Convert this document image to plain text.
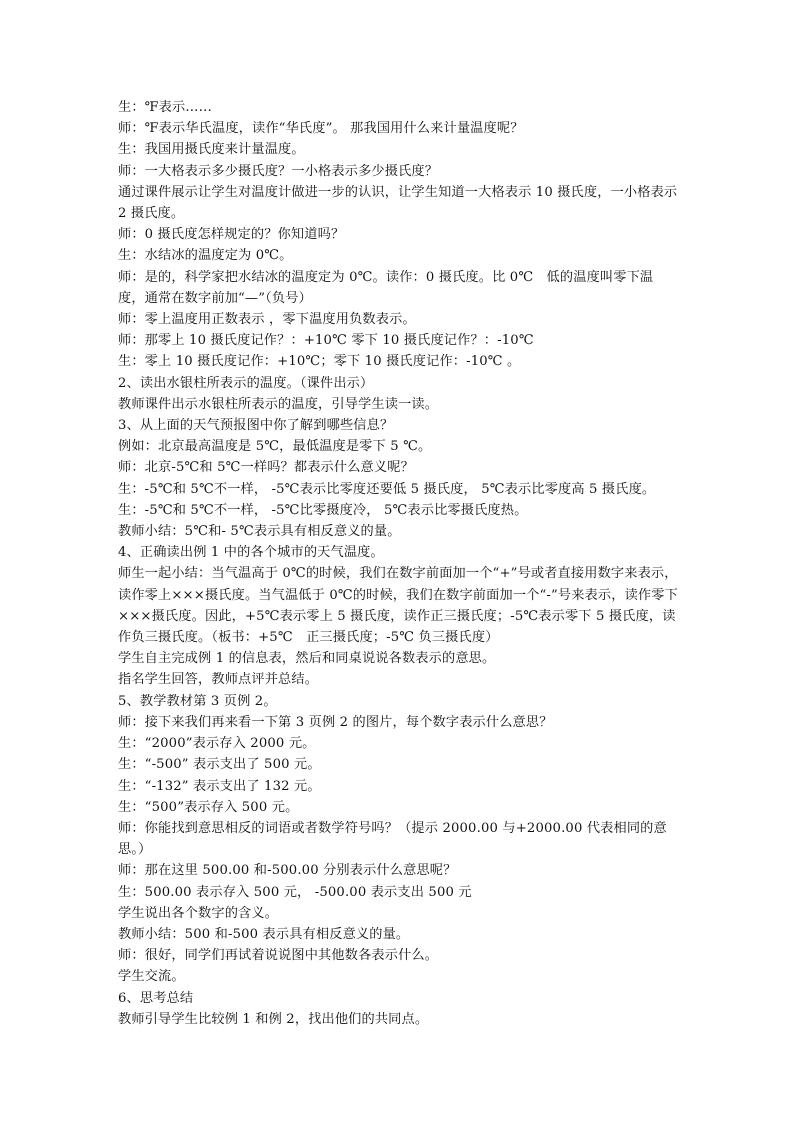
生：℉表示……

师：℉表示华氏温度，读作“华氏度”。 那我国用什么来计量温度呢？

生：我国用摄氏度来计量温度。

师：一大格表示多少摄氏度？一小格表示多少摄氏度？

通过课件展示让学生对温度计做进一步的认识，让学生知道一大格表示 10 摄氏度，一小格表示 2 摄氏度。

师：0 摄氏度怎样规定的？你知道吗？

生：水结冰的温度定为 0℃。

师：是的，科学家把水结冰的温度定为 0℃。读作：0 摄氏度。比 0℃　低的温度叫零下温度，通常在数字前加“—”（负号）

师：零上温度用正数表示 ，零下温度用负数表示。

师：那零上 10 摄氏度记作？：+10℃ 零下 10 摄氏度记作？：-10℃

生：零上 10 摄氏度记作：+10℃；零下 10 摄氏度记作：-10℃ 。

2、读出水银柱所表示的温度。（课件出示）

教师课件出示水银柱所表示的温度，引导学生读一读。

3、从上面的天气预报图中你了解到哪些信息？

例如：北京最高温度是 5℃，最低温度是零下 5 ℃。

师：北京-5℃和 5℃一样吗？都表示什么意义呢？

生：-5℃和 5℃不一样， -5℃表示比零度还要低 5 摄氏度， 5℃表示比零度高 5 摄氏度。

生：-5℃和 5℃不一样， -5℃比零摄度冷， 5℃表示比零摄氏度热。

教师小结：5℃和- 5℃表示具有相反意义的量。

4、正确读出例 1 中的各个城市的天气温度。

师生一起小结：当气温高于 0℃的时候，我们在数字前面加一个“+”号或者直接用数字来表示，读作零上×××摄氏度。当气温低于 0℃的时候，我们在数字前面加一个“-”号来表示，读作零下×××摄氏度。因此，+5℃表示零上 5 摄氏度，读作正三摄氏度；-5℃表示零下 5 摄氏度，读作负三摄氏度。（板书：+5℃　正三摄氏度；-5℃ 负三摄氏度）

学生自主完成例 1 的信息表，然后和同桌说说各数表示的意思。

指名学生回答，教师点评并总结。

5、教学教材第 3 页例 2。

师：接下来我们再来看一下第 3 页例 2 的图片，每个数字表示什么意思？

生：“2000”表示存入 2000 元。

生：“-500” 表示支出了 500 元。

生：“-132” 表示支出了 132 元。

生：“500”表示存入 500 元。

师：你能找到意思相反的词语或者数学符号吗？（提示 2000.00 与+2000.00 代表相同的意思。）

师：那在这里 500.00 和-500.00 分别表示什么意思呢？

生：500.00 表示存入 500 元， -500.00 表示支出 500 元

学生说出各个数字的含义。

教师小结：500 和-500 表示具有相反意义的量。

师：很好，同学们再试着说说图中其他数各表示什么。

学生交流。

6、思考总结

教师引导学生比较例 1 和例 2，找出他们的共同点。
